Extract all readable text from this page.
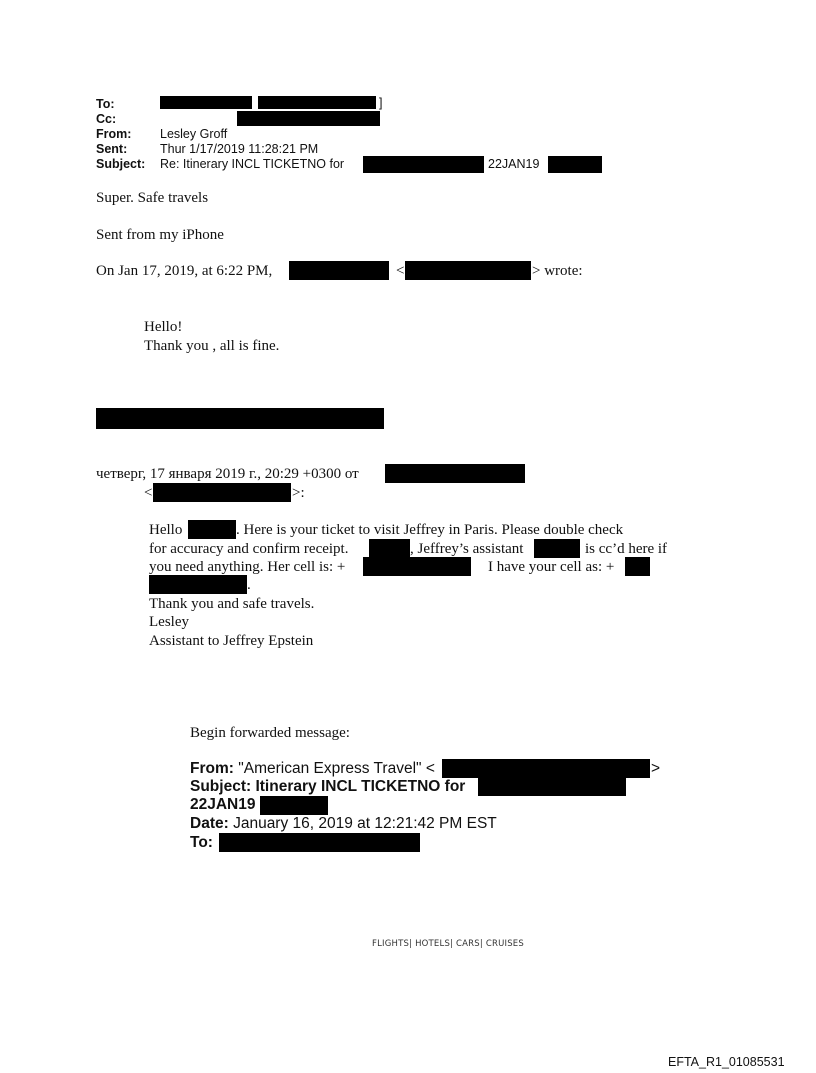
To:	]
Cc:
From: Lesley Groff
Sent:	Thur 1/17/2019 11:28:21 PM
Subject: Re: Itinerary INCL TICKETNO for	22JAN19
Super. Safe travels
Sent from my iPhone
On Jan 17, 2019, at 6:22 PM,	<	> wrote:
Hello!
Thank you , all is fine.
четверг, 17 января 2019 г., 20:29 +0300 от
<	>:
Hello	. Here is your ticket to visit Jeffrey in Paris. Please double check
for accuracy and confirm receipt.	, Jeffrey’s assistant	is cc’d here if
you need anything. Her cell is: +	I have your cell as: +
.
Thank you and safe travels.
Lesley
Assistant to Jeffrey Epstein
Begin forwarded message:
From: "American Express Travel" <	>
Subject: Itinerary INCL TICKETNO for
22JAN19
Date: January 16, 2019 at 12:21:42 PM EST
To:
FLIGHTS| HOTELS| CARS| CRUISES
EFTA_R1_01085531
